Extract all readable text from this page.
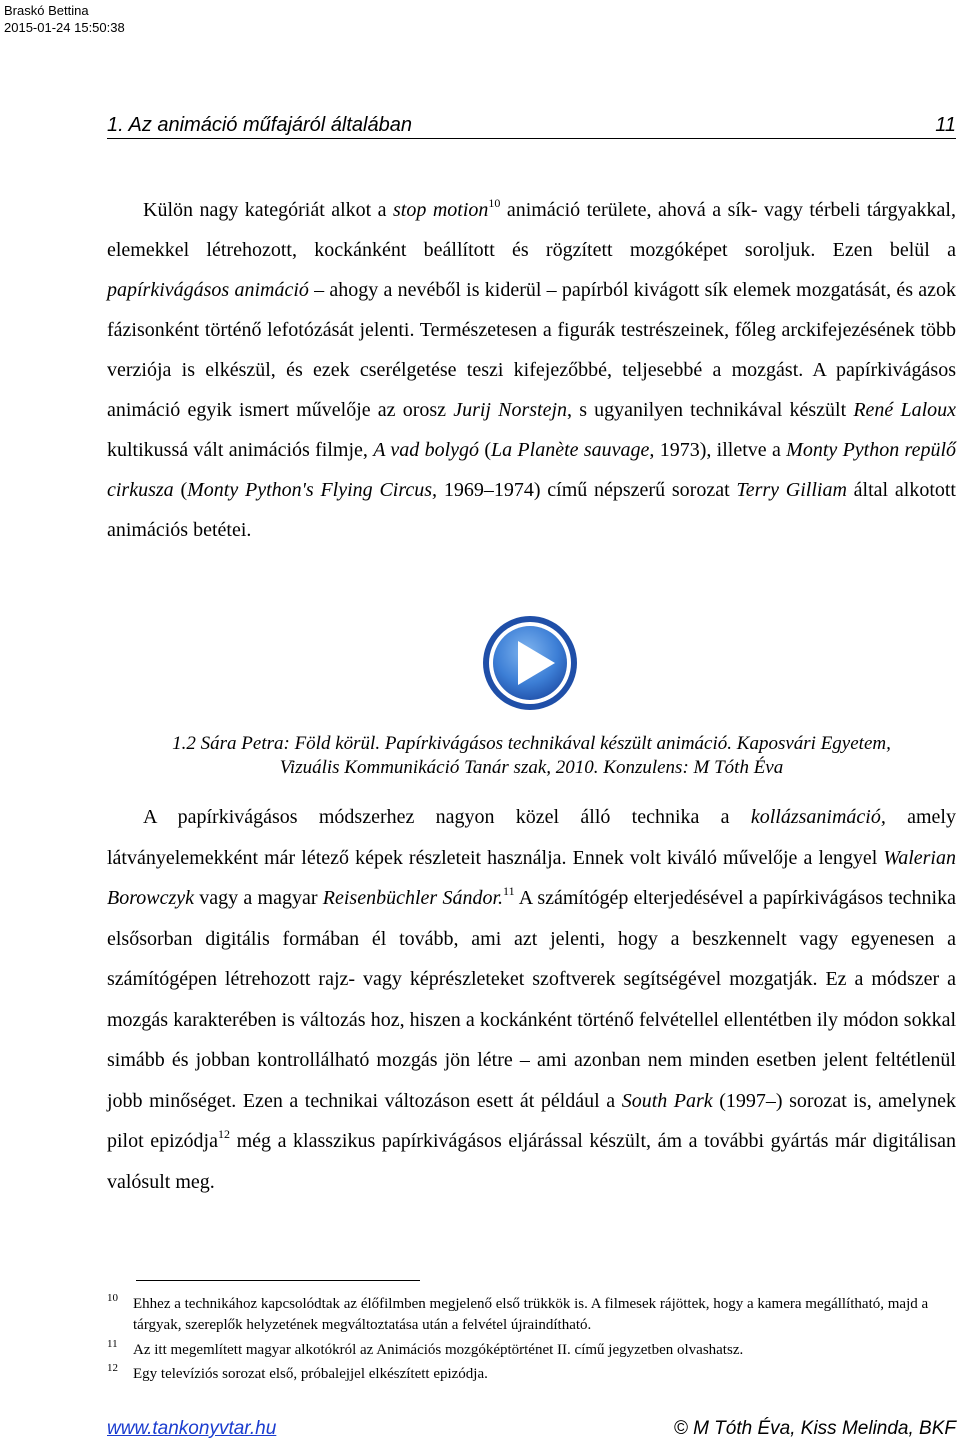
Braskó Bettina
2015-01-24 15:50:38
1. Az animáció műfajáról általában	11
Külön nagy kategóriát alkot a stop motion$^{10}$ animáció területe, ahová a sík- vagy térbeli tárgyakkal, elemekkel létrehozott, kockánként beállított és rögzített mozgóképet soroljuk. Ezen belül a papírkivágásos animáció – ahogy a nevéből is kiderül – papírból kivágott sík elemek mozgatását, és azok fázisonként történő lefotózását jelenti. Természetesen a figurák testrészeinek, főleg arckifejezésének több verziója is elkészül, és ezek cserélgetése teszi kifejezőbbé, teljesebbé a mozgást. A papírkivágásos animáció egyik ismert művelője az orosz Jurij Norstejn, s ugyanilyen technikával készült René Laloux kultikussá vált animációs filmje, A vad bolygó (La Planète sauvage, 1973), illetve a Monty Python repülő cirkusza (Monty Python's Flying Circus, 1969–1974) című népszerű sorozat Terry Gilliam által alkotott animációs betétei.
1.2 Sára Petra: Föld körül. Papírkivágásos technikával készült animáció. Kaposvári Egyetem,
Vizuális Kommunikáció Tanár szak, 2010. Konzulens: M Tóth Éva
A papírkivágásos módszerhez nagyon közel álló technika a kollázsanimáció, amely látványelemekként már létező képek részleteit használja. Ennek volt kiváló művelője a lengyel Walerian Borowczyk vagy a magyar Reisenbüchler Sándor.$^{11}$ A számítógép elterjedésével a papírkivágásos technika elsősorban digitális formában él tovább, ami azt jelenti, hogy a beszkennelt vagy egyenesen a számítógépen létrehozott rajz- vagy képrészleteket szoftverek segítségével mozgatják. Ez a módszer a mozgás karakterében is változás hoz, hiszen a kockánként történő felvétellel ellentétben ily módon sokkal simább és jobban kontrollálható mozgás jön létre – ami azonban nem minden esetben jelent feltétlenül jobb minőséget. Ezen a technikai változáson esett át például a South Park (1997–) sorozat is, amelynek pilot epizódja$^{12}$ még a klasszikus papírkivágásos eljárással készült, ám a további gyártás már digitálisan valósult meg.
10 Ehhez a technikához kapcsolódtak az élőfilmben megjelenő első trükkök is. A filmesek rájöttek, hogy a kamera megállítható, majd a tárgyak, szereplők helyzetének megváltoztatása után a felvétel újraindítható.
11 Az itt megemlített magyar alkotókról az Animációs mozgóképtörténet II. című jegyzetben olvashatsz.
12 Egy televíziós sorozat első, próbalejjel elkészített epizódja.
www.tankonyvtar.hu	© M Tóth Éva, Kiss Melinda, BKF
